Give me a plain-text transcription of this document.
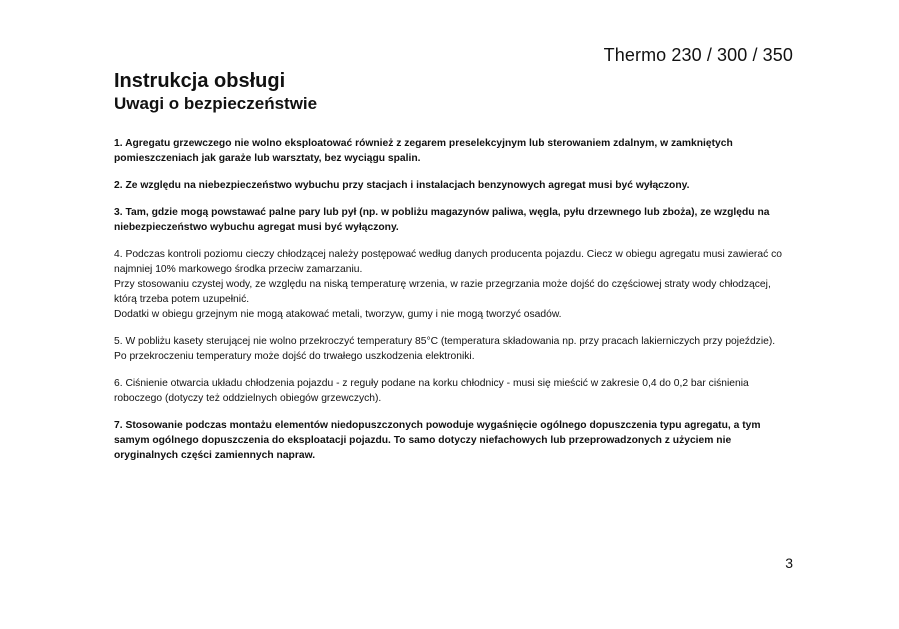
Thermo 230 / 300 / 350
Instrukcja obsługi
Uwagi o bezpieczeństwie
1. Agregatu grzewczego nie wolno eksploatować również z zegarem preselekcyjnym lub sterowaniem zdalnym, w zamkniętych pomieszczeniach jak garaże lub warsztaty, bez wyciągu spalin.
2. Ze względu na niebezpieczeństwo wybuchu przy stacjach i instalacjach benzynowych agregat musi być wyłączony.
3. Tam, gdzie mogą powstawać palne pary lub pył (np. w pobliżu magazynów paliwa, węgla, pyłu drzewnego lub zboża), ze względu na niebezpieczeństwo wybuchu agregat musi być wyłączony.
4. Podczas kontroli poziomu cieczy chłodzącej należy postępować według danych producenta pojazdu. Ciecz w obiegu agregatu musi zawierać co najmniej 10% markowego środka przeciw zamarzaniu.
Przy stosowaniu czystej wody, ze względu na niską temperaturę wrzenia, w razie przegrzania może dojść do częściowej straty wody chłodzącej, którą trzeba potem uzupełnić.
Dodatki w obiegu grzejnym nie mogą atakować metali, tworzyw, gumy i nie mogą tworzyć osadów.
5. W pobliżu kasety sterującej nie wolno przekroczyć temperatury 85°C (temperatura składowania np. przy pracach lakierniczych przy pojeździe).
Po przekroczeniu temperatury może dojść do trwałego uszkodzenia elektroniki.
6. Ciśnienie otwarcia układu chłodzenia pojazdu - z reguły podane na korku chłodnicy - musi się mieścić w zakresie 0,4 do 0,2 bar ciśnienia roboczego (dotyczy też oddzielnych obiegów grzewczych).
7. Stosowanie podczas montażu elementów niedopuszczonych powoduje wygaśnięcie ogólnego dopuszczenia typu agregatu, a tym samym ogólnego dopuszczenia do eksploatacji pojazdu. To samo dotyczy niefachowych lub przeprowadzonych z użyciem nie oryginalnych części zamiennych napraw.
3
